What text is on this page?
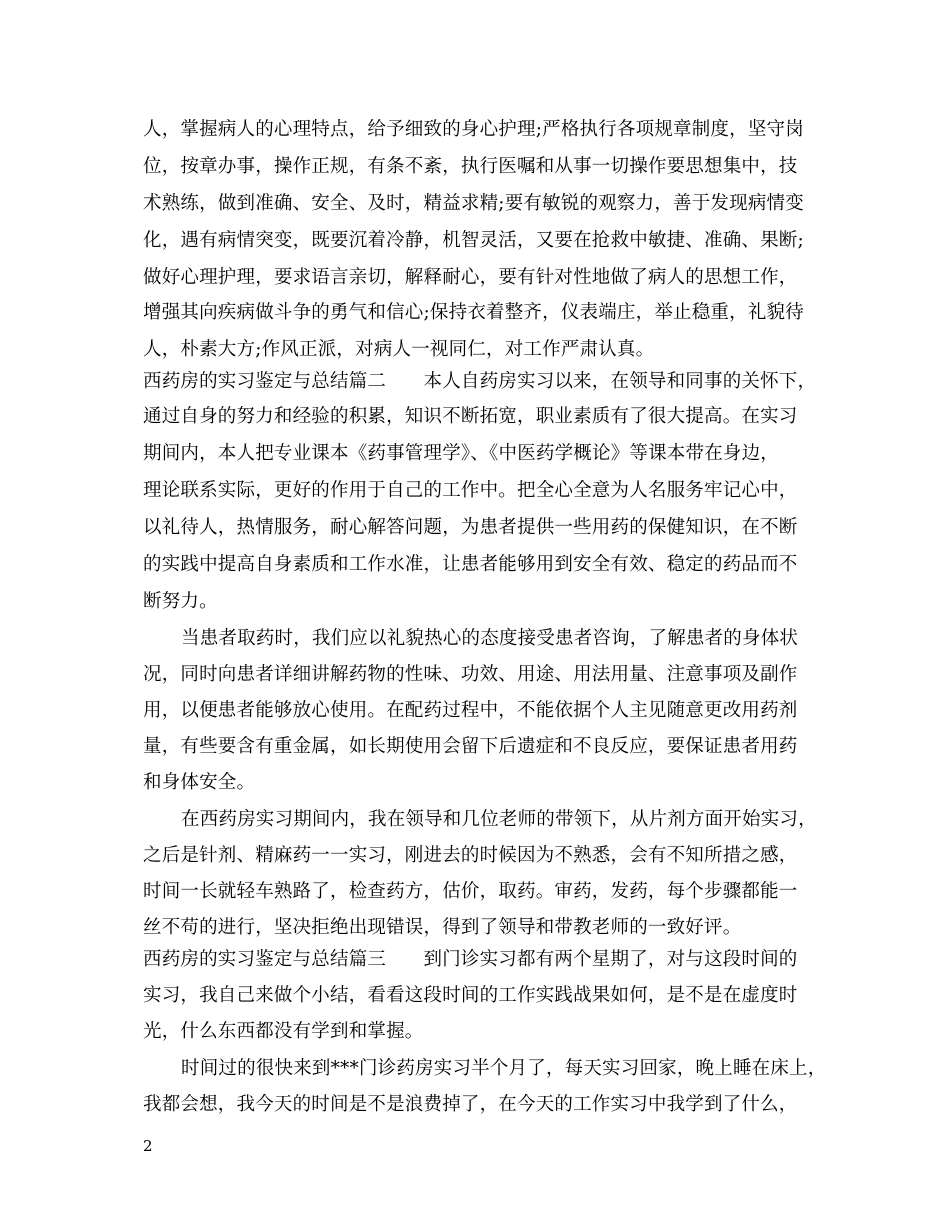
人，掌握病人的心理特点，给予细致的身心护理;严格执行各项规章制度，坚守岗
位，按章办事，操作正规，有条不紊，执行医嘱和从事一切操作要思想集中，技
术熟练，做到准确、安全、及时，精益求精;要有敏锐的观察力，善于发现病情变
化，遇有病情突变，既要沉着冷静，机智灵活，又要在抢救中敏捷、准确、果断;
做好心理护理，要求语言亲切，解释耐心，要有针对性地做了病人的思想工作，
增强其向疾病做斗争的勇气和信心;保持衣着整齐，仪表端庄，举止稳重，礼貌待
人，朴素大方;作风正派，对病人一视同仁，对工作严肃认真。
西药房的实习鉴定与总结篇二　　本人自药房实习以来，在领导和同事的关怀下，
通过自身的努力和经验的积累，知识不断拓宽，职业素质有了很大提高。在实习
期间内，本人把专业课本《药事管理学》、《中医药学概论》等课本带在身边，
理论联系实际，更好的作用于自己的工作中。把全心全意为人名服务牢记心中，
以礼待人，热情服务，耐心解答问题，为患者提供一些用药的保健知识，在不断
的实践中提高自身素质和工作水准，让患者能够用到安全有效、稳定的药品而不
断努力。
当患者取药时，我们应以礼貌热心的态度接受患者咨询，了解患者的身体状
况，同时向患者详细讲解药物的性味、功效、用途、用法用量、注意事项及副作
用，以便患者能够放心使用。在配药过程中，不能依据个人主见随意更改用药剂
量，有些要含有重金属，如长期使用会留下后遗症和不良反应，要保证患者用药
和身体安全。
在西药房实习期间内，我在领导和几位老师的带领下，从片剂方面开始实习，
之后是针剂、精麻药一一实习，刚进去的时候因为不熟悉，会有不知所措之感，
时间一长就轻车熟路了，检查药方，估价，取药。审药，发药，每个步骤都能一
丝不苟的进行，坚决拒绝出现错误，得到了领导和带教老师的一致好评。
西药房的实习鉴定与总结篇三　　到门诊实习都有两个星期了，对与这段时间的
实习，我自己来做个小结，看看这段时间的工作实践战果如何，是不是在虚度时
光，什么东西都没有学到和掌握。
时间过的很快来到***门诊药房实习半个月了，每天实习回家，晚上睡在床上，
我都会想，我今天的时间是不是浪费掉了，在今天的工作实习中我学到了什么，
2
